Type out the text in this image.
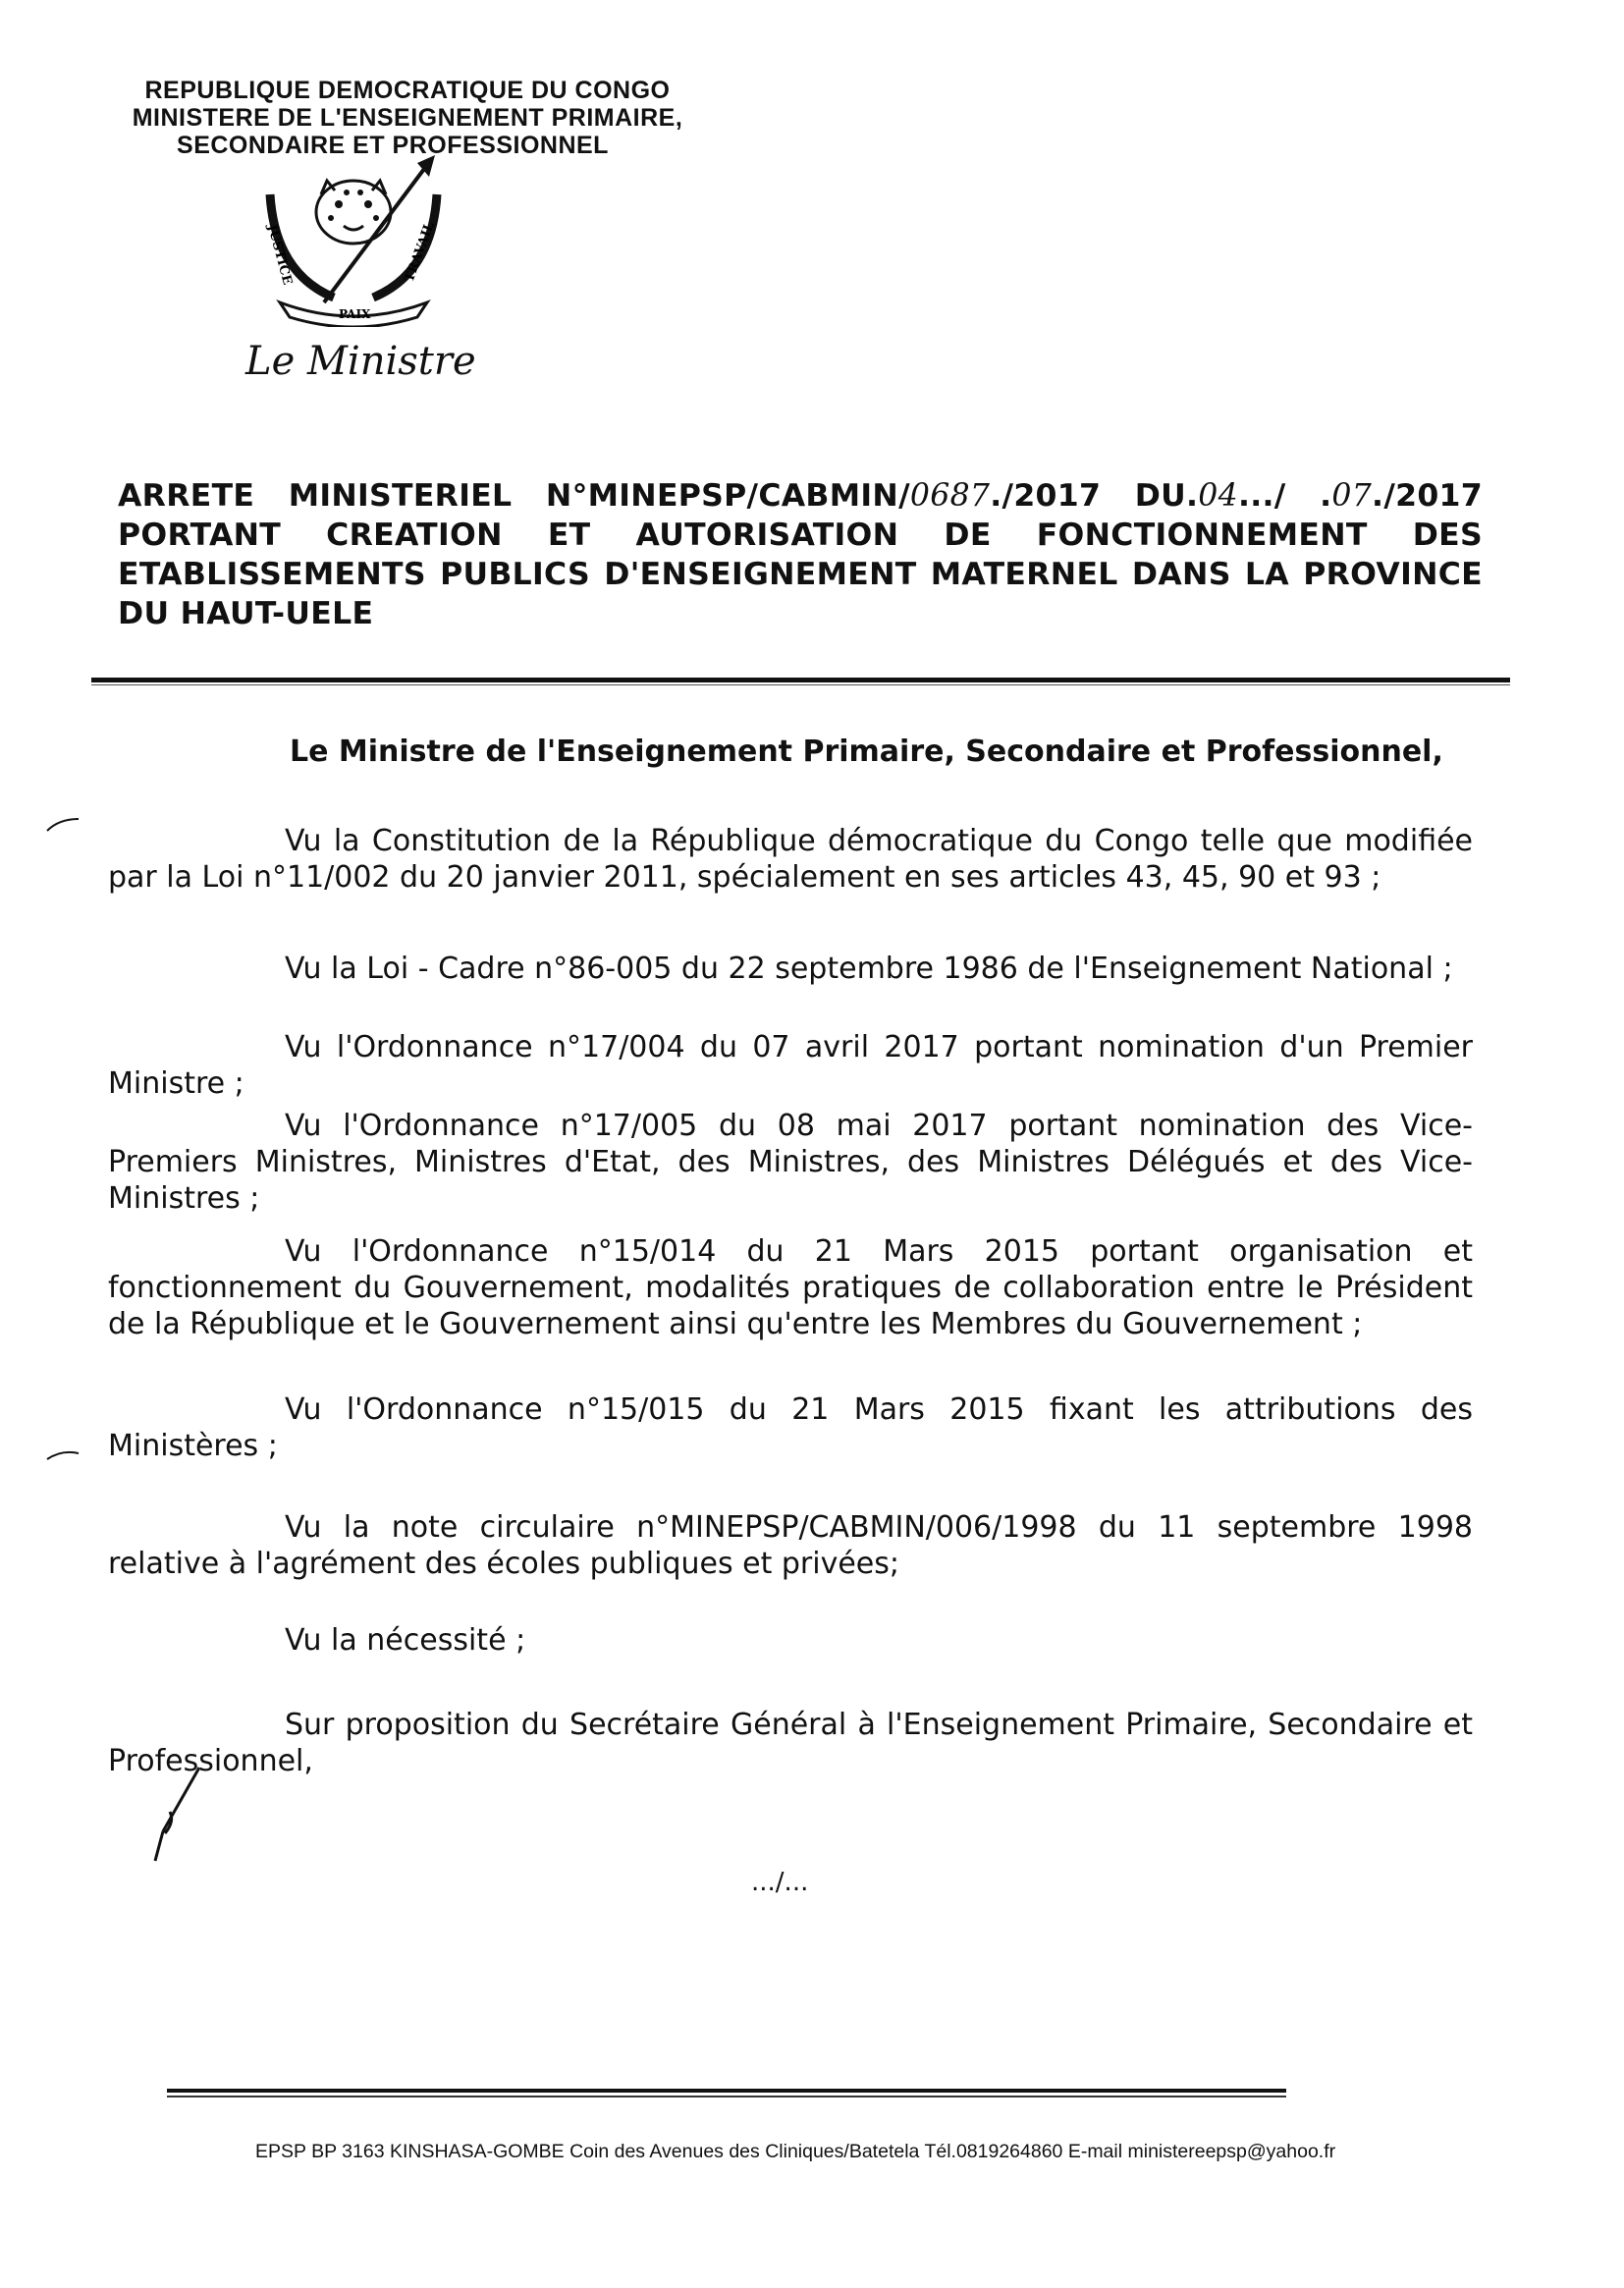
REPUBLIQUE DEMOCRATIQUE DU CONGO
MINISTERE DE L'ENSEIGNEMENT PRIMAIRE,
SECONDAIRE ET PROFESSIONNEL
JUSTICE
PAIX
TRAVAIL
Le Ministre
ARRETE MINISTERIEL N°MINEPSP/CABMIN/0687./2017 DU.04.../ .07./2017 PORTANT CREATION ET AUTORISATION DE FONCTIONNEMENT DES ETABLISSEMENTS PUBLICS D'ENSEIGNEMENT MATERNEL DANS LA PROVINCE DU HAUT-UELE
Le Ministre de l'Enseignement Primaire, Secondaire et Professionnel,
Vu la Constitution de la République démocratique du Congo telle que modifiée par la Loi n°11/002 du 20 janvier 2011, spécialement en ses articles 43, 45, 90 et 93 ;
Vu la Loi - Cadre n°86-005 du 22 septembre 1986 de l'Enseignement National ;
Vu l'Ordonnance n°17/004 du 07 avril 2017 portant nomination d'un Premier Ministre ;
Vu l'Ordonnance n°17/005 du 08 mai 2017 portant nomination des Vice-Premiers Ministres, Ministres d'Etat, des Ministres, des Ministres Délégués et des Vice-Ministres ;
Vu l'Ordonnance n°15/014 du 21 Mars 2015 portant organisation et fonctionnement du Gouvernement, modalités pratiques de collaboration entre le Président de la République et le Gouvernement ainsi qu'entre les Membres du Gouvernement ;
Vu l'Ordonnance n°15/015 du 21 Mars 2015 fixant les attributions des Ministères ;
Vu la note circulaire n°MINEPSP/CABMIN/006/1998 du 11 septembre 1998 relative à l'agrément des écoles publiques et privées;
Vu la nécessité ;
Sur proposition du Secrétaire Général à l'Enseignement Primaire, Secondaire et Professionnel,
.../...
EPSP BP 3163 KINSHASA-GOMBE Coin des Avenues des Cliniques/Batetela Tél.0819264860 E-mail ministereepsp@yahoo.fr
